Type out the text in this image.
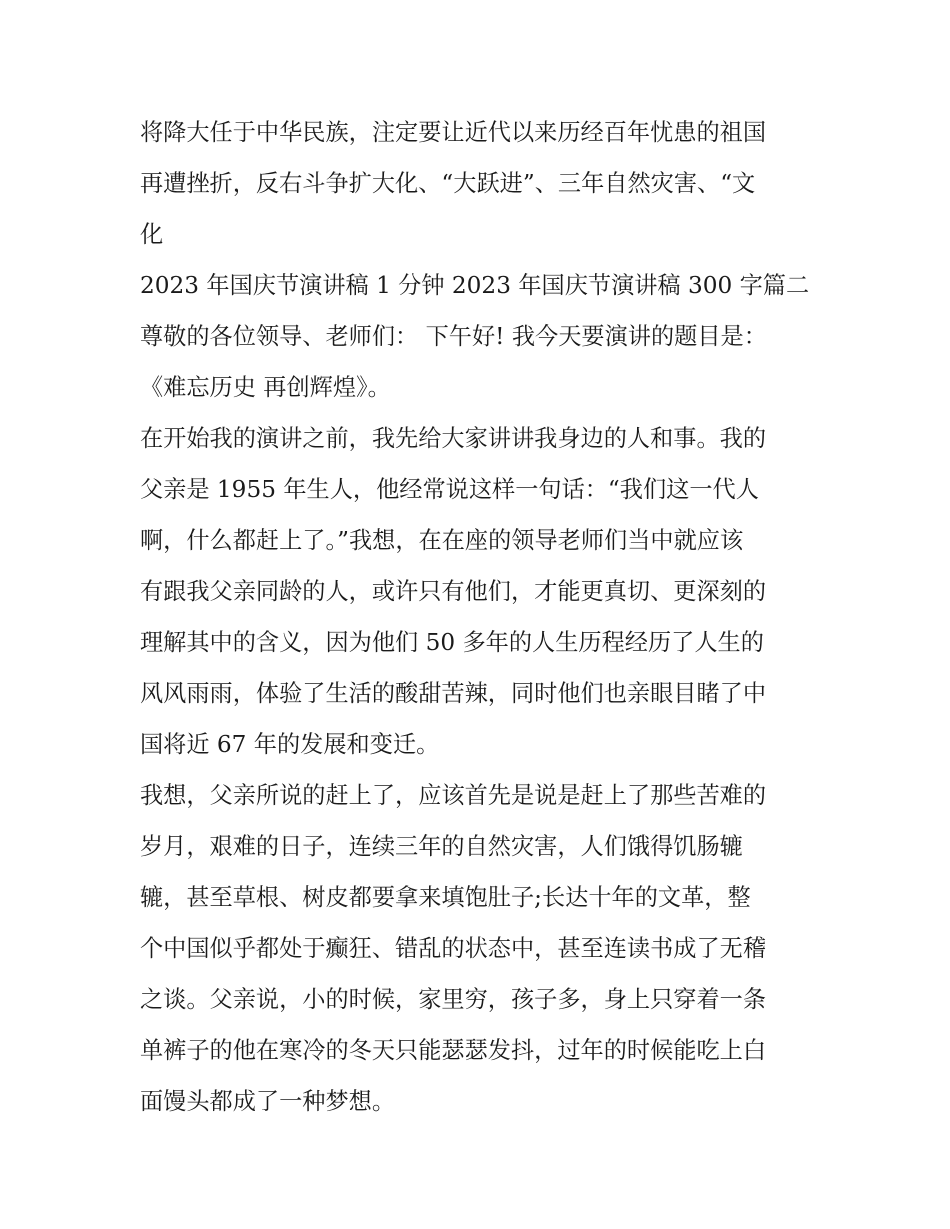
将降大任于中华民族，注定要让近代以来历经百年忧患的祖国
再遭挫折，反右斗争扩大化、“大跃进”、三年自然灾害、“文
化

2023 年国庆节演讲稿 1 分钟 2023 年国庆节演讲稿 300 字篇二
尊敬的各位领导、老师们： 下午好! 我今天要演讲的题目是：
《难忘历史 再创辉煌》。

在开始我的演讲之前，我先给大家讲讲我身边的人和事。我的
父亲是 1955 年生人，他经常说这样一句话：“我们这一代人
啊，什么都赶上了。”我想，在在座的领导老师们当中就应该
有跟我父亲同龄的人，或许只有他们，才能更真切、更深刻的
理解其中的含义，因为他们 50 多年的人生历程经历了人生的
风风雨雨，体验了生活的酸甜苦辣，同时他们也亲眼目睹了中
国将近 67 年的发展和变迁。

我想，父亲所说的赶上了，应该首先是说是赶上了那些苦难的
岁月，艰难的日子，连续三年的自然灾害，人们饿得饥肠辘
辘，甚至草根、树皮都要拿来填饱肚子;长达十年的文革，整
个中国似乎都处于癫狂、错乱的状态中，甚至连读书成了无稽
之谈。父亲说，小的时候，家里穷，孩子多，身上只穿着一条
单裤子的他在寒冷的冬天只能瑟瑟发抖，过年的时候能吃上白
面馒头都成了一种梦想。
